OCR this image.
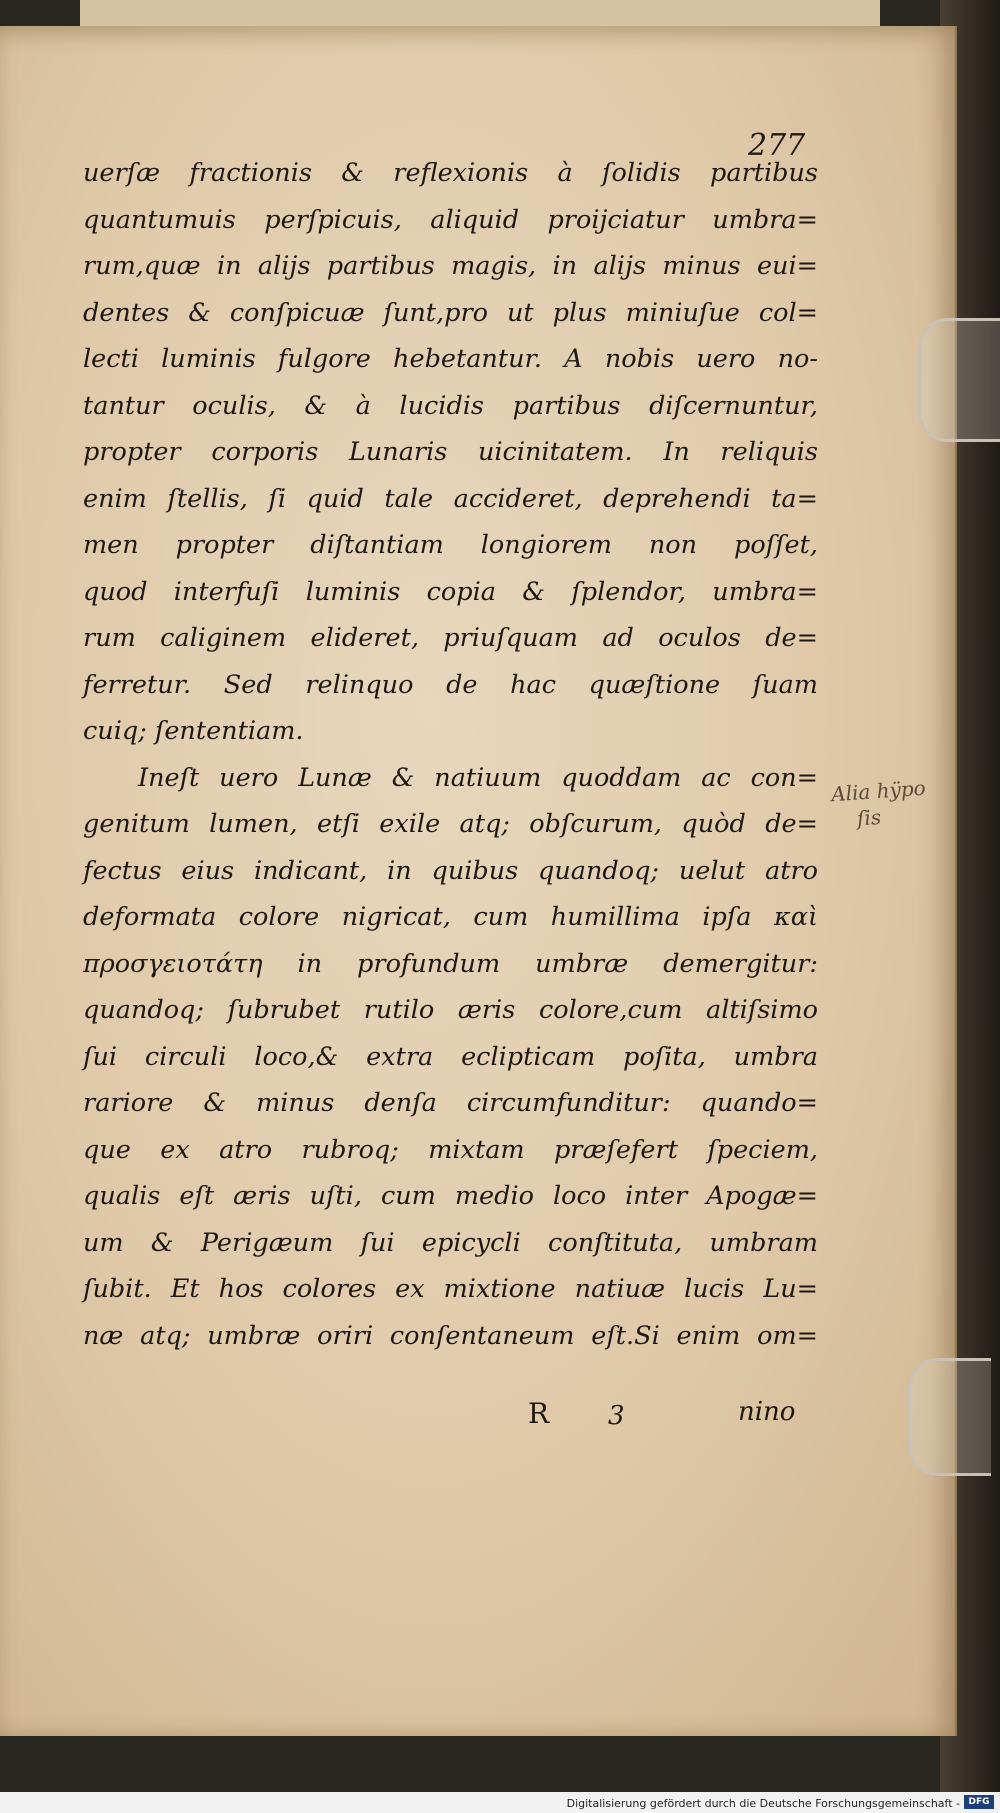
277
uerſæ fractionis & reflexionis à ſolidis partibus
quantumuis perſpicuis, aliquid proijciatur umbra=
rum,quæ in alijs partibus magis, in alijs minus eui=
dentes & conſpicuæ ſunt,pro ut plus miniuſue col=
lecti luminis fulgore hebetantur. A nobis uero no-
tantur oculis, & à lucidis partibus diſcernuntur,
propter corporis Lunaris uicinitatem. In reliquis
enim ſtellis, ſi quid tale accideret, deprehendi ta=
men propter diſtantiam longiorem non poſſet,
quod interfuſi luminis copia & ſplendor, umbra=
rum caliginem elideret, priuſquam ad oculos de=
ferretur. Sed relinquo de hac quæſtione ſuam
cuiq; ſententiam.
Ineſt uero Lunæ & natiuum quoddam ac con=
genitum lumen, etſi exile atq; obſcurum, quòd de=
fectus eius indicant, in quibus quandoq; uelut atro
deformata colore nigricat, cum humillima ipſa καὶ
προσγειοτάτη in profundum umbræ demergitur:
quandoq; ſubrubet rutilo æris colore,cum altiſsimo
ſui circuli loco,& extra eclipticam poſita, umbra
rariore & minus denſa circumfunditur: quando=
que ex atro rubroq; mixtam præſefert ſpeciem,
qualis eſt æris uſti, cum medio loco inter Apogæ=
um & Perigæum ſui epicycli conſtituta, umbram
ſubit. Et hos colores ex mixtione natiuæ lucis Lu=
næ atq; umbræ oriri conſentaneum eſt.Si enim om=
R 3	nino
Alia hÿpo
ſis
Digitalisierung gefördert durch die Deutsche Forschungsgemeinschaft - DFG
